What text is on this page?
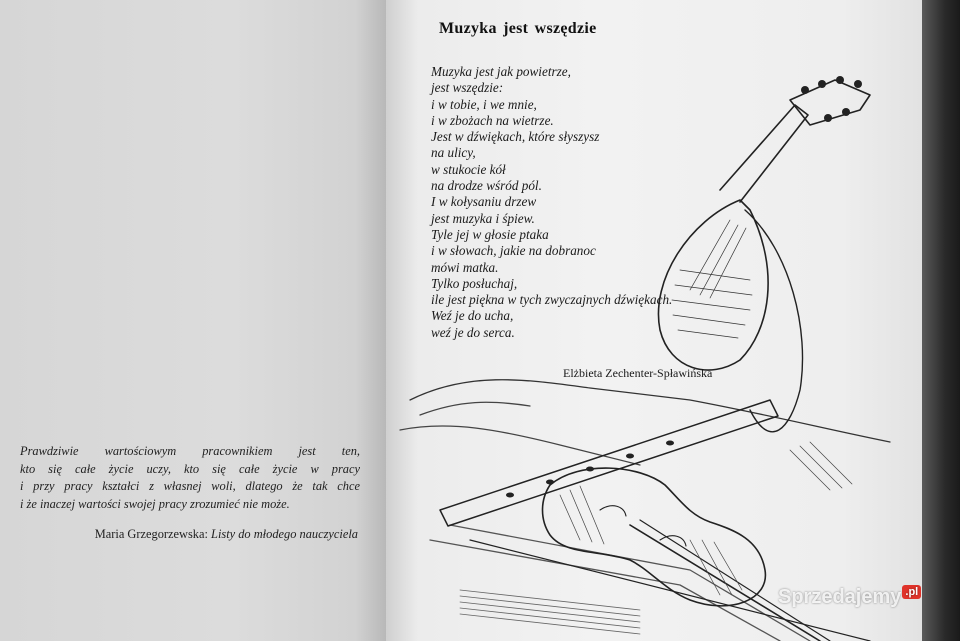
Prawdziwie wartościowym pracownikiem jest ten,
kto się całe życie uczy, kto się całe życie w pracy
i przy pracy kształci z własnej woli, dlatego że tak chce
i że inaczej wartości swojej pracy zrozumieć nie może.
Maria Grzegorzewska: Listy do młodego nauczyciela
Muzyka jest wszędzie
Muzyka jest jak powietrze,
jest wszędzie:
i w tobie, i we mnie,
i w zbożach na wietrze.
Jest w dźwiękach, które słyszysz
na ulicy,
w stukocie kół
na drodze wśród pól.
I w kołysaniu drzew
jest muzyka i śpiew.
Tyle jej w głosie ptaka
i w słowach, jakie na dobranoc
mówi matka.
Tylko posłuchaj,
ile jest piękna w tych zwyczajnych dźwiękach.
Weź je do ucha,
weź je do serca.
Elżbieta Zechenter-Spławińska
Sprzedajemy .pl
